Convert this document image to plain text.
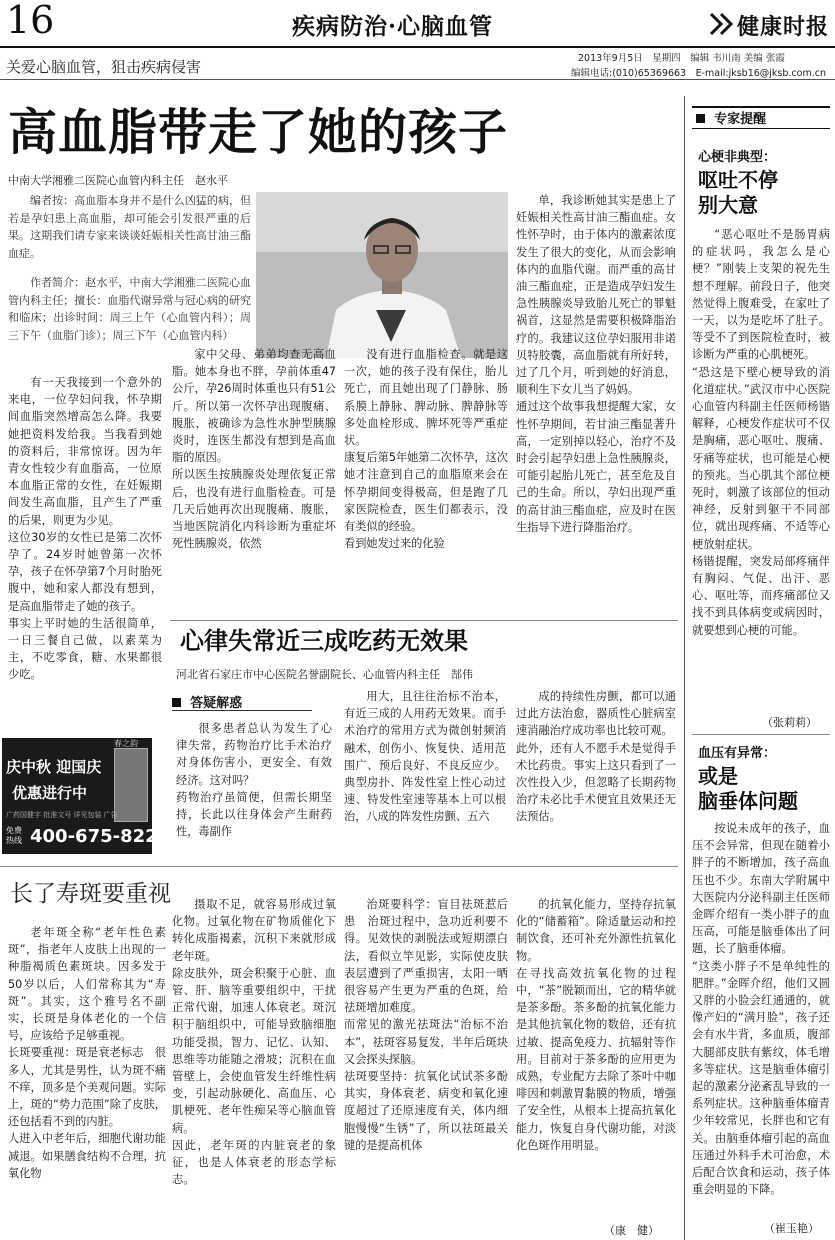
16	疾病防治·心脑血管	健康时报
关爱心脑血管，狙击疾病侵害	2013年9月5日　星期四　编辑 韦川南 美编 张霞
编辑电话:(010)65369663　E-mail:jksb16@jksb.com.cn
高血脂带走了她的孩子
中南大学湘雅二医院心血管内科主任　赵水平

编者按：高血脂本身并不是什么凶猛的病，但若是孕妇患上高血脂，却可能会引发很严重的后果。这期我们请专家来谈谈妊娠相关性高甘油三酯血症。

作者简介：赵水平，中南大学湘雅二医院心血管内科主任；擅长：血脂代谢异常与冠心病的研究和临床；出诊时间：周三上午（心血管内科）；周三下午（血脂门诊）；周三下午（心血管内科）

有一天我接到一个意外的来电，一位孕妇问我，怀孕期间血脂突然增高怎么降。我要她把资料发给我。当我看到她的资料后，非常惊讶。因为年青女性较少有血脂高，一位原本血脂正常的女性，在妊娠期间发生高血脂，且产生了严重的后果，则更为少见。
这位30岁的女性已是第二次怀孕了。24岁时她曾第一次怀孕，孩子在怀孕第7个月时胎死腹中，她和家人都没有想到，是高血脂带走了她的孩子。
事实上平时她的生活很简单，一日三餐自己做，以素菜为主，不吃零食，糖、水果都很少吃。
家中父母、弟弟均查无高血脂。她本身也不胖，孕前体重47公斤，孕26周时体重也只有51公斤。所以第一次怀孕出现腹痛、腹胀，被确诊为急性水肿型胰腺炎时，连医生都没有想到是高血脂的原因。
所以医生按胰腺炎处理依复正常后，也没有进行血脂检查。可是几天后她再次出现腹痛、腹胀，当地医院消化内科诊断为重症坏死性胰腺炎，依然
没有进行血脂检查。就是这一次，她的孩子没有保住，胎儿死亡，而且她出现了门静脉、肠系膜上静脉、脾动脉、脾静脉等多处血栓形成、脾坏死等严重症状。
康复后第5年她第二次怀孕，这次她才注意到自己的血脂原来会在怀孕期间变得极高，但是跑了几家医院检查，医生们都表示，没有类似的经验。
看到她发过来的化验
单，我诊断她其实是患上了妊娠相关性高甘油三酯血症。女性怀孕时，由于体内的激素浓度发生了很大的变化，从而会影响体内的血脂代谢。而严重的高甘油三酯血症，正是造成孕妇发生急性胰腺炎导致胎儿死亡的罪魁祸首，这显然是需要积极降脂治疗的。我建议这位孕妇服用非诺贝特胶囊，高血脂就有所好转，过了几个月，听到她的好消息，顺利生下女儿当了妈妈。
通过这个故事我想提醒大家，女性怀孕期间，若甘油三酯显著升高，一定别掉以轻心，治疗不及时会引起孕妇患上急性胰腺炎，可能引起胎儿死亡，甚至危及自己的生命。所以，孕妇出现严重的高甘油三酯血症，应及时在医生指导下进行降脂治疗。
心律失常近三成吃药无效果
河北省石家庄市中心医院名誉副院长、心血管内科主任　郜伟
答疑解惑
很多患者总认为发生了心律失常，药物治疗比手术治疗对身体伤害小，更安全、有效经济。这对吗？
药物治疗虽简便，但需长期坚持，长此以往身体会产生耐药性，毒副作
用大，且往往治标不治本，有近三成的人用药无效果。而手术治疗的常用方式为微创射频消融术，创伤小、恢复快、适用范围广、预后良好、不良反应少。典型房扑、阵发性室上性心动过速、特发性室速等基本上可以根治，八成的阵发性房颤、五六
成的持续性房颤，都可以通过此方法治愈，器质性心脏病室速消融治疗成功率也比较可观。
此外，还有人不愿手术是觉得手术比药贵。事实上这只看到了一次性投入少，但忽略了长期药物治疗未必比手术便宜且效果还无法预估。
春之韵
庆中秋 迎国庆
优惠进行中
广药国健字 批准文号 详见包装 广告
免费热线 400-675-8228
长了寿斑要重视
老年斑全称“老年性色素斑”，指老年人皮肤上出现的一种脂褐质色素斑块。因多发于50岁以后，人们常称其为“寿斑”。其实，这个雅号名不副实，长斑是身体老化的一个信号，应该给予足够重视。
长斑要重视：斑是衰老标志　很多人，尤其是男性，认为斑不痛不痒，顶多是个美观问题。实际上，斑的“势力范围”除了皮肤，还包括看不到的内脏。
人进入中老年后，细胞代谢功能减退。如果膳食结构不合理，抗氧化物
摄取不足，就容易形成过氧化物。过氧化物在矿物质催化下转化成脂褐素，沉积下来就形成老年斑。
除皮肤外，斑会积聚于心脏、血管、肝、脑等重要组织中，干扰正常代谢，加速人体衰老。斑沉积于脑组织中，可能导致脑细胞功能受损，智力、记忆、认知、思维等功能随之滑坡；沉积在血管壁上，会使血管发生纤维性病变，引起动脉硬化、高血压、心肌梗死、老年性痴呆等心脑血管病。
因此，老年斑的内脏衰老的象征，也是人体衰老的形态学标志。
治斑要科学：盲目祛斑惹后患　治斑过程中，急功近利要不得。见效快的剥脱法或短期漂白法，看似立竿见影，实际使皮肤表层遭到了严重损害，太阳一晒很容易产生更为严重的色斑，给祛斑增加难度。
而常见的激光祛斑法“治标不治本”，祛斑容易复发，半年后斑块又会探头探脑。
祛斑要坚持：抗氧化试试茶多酚　其实，身体衰老、病变和氧化速度超过了还原速度有关，体内细胞慢慢“生锈”了，所以祛斑最关键的是提高机体
的抗氧化能力，坚持存抗氧化的“储蓄箱”。除适量运动和控制饮食，还可补充外源性抗氧化物。
在寻找高效抗氧化物的过程中，“茶”脱颖而出，它的精华就是茶多酚。茶多酚的抗氧化能力是其他抗氧化物的数倍，还有抗过敏、提高免疫力、抗辐射等作用。目前对于茶多酚的应用更为成熟，专业配方去除了茶叶中咖啡因和刺激胃黏膜的物质，增强了安全性，从根本上提高抗氧化能力，恢复自身代谢功能，对淡化色斑作用明显。
（康　健）
专家提醒
心梗非典型：
呕吐不停
别大意
“恶心呕吐不是肠胃病的症状吗，我怎么是心梗？”刚装上支架的祝先生想不理解。前段日子，他突然觉得上腹难受，在家吐了一天，以为是吃坏了肚子。等受不了到医院检查时，被诊断为严重的心肌梗死。
“恐这是下壁心梗导致的消化道症状。”武汉市中心医院心血管内科副主任医师杨锴解释，心梗发作症状可不仅是胸痛，恶心呕吐、腹痛、牙痛等症状，也可能是心梗的预兆。当心肌其个部位梗死时，刺激了该部位的恒动神经，反射到躯干不同部位，就出现疼痛、不适等心梗放射症状。
杨锴提醒，突发局部疼痛伴有胸闷、气促、出汗、恶心、呕吐等，而疼痛部位又找不到具体病变或病因时，就要想到心梗的可能。
（张莉莉）
血压有异常：
或是
脑垂体问题
按说未成年的孩子，血压不会异常，但现在随着小胖子的不断增加，孩子高血压也不少。东南大学附属中大医院内分泌科副主任医师金晖介绍有一类小胖子的血压高，可能是脑垂体出了问题，长了脑垂体瘤。
“这类小胖子不是单纯性的肥胖。”金晖介绍，他们又圆又胖的小脸会红通通的，就像产妇的“满月脸”，孩子还会有水牛背，多血质，腹部大腿部皮肤有紫纹，体毛增多等症状。这是脑垂体瘤引起的激素分泌紊乱导致的一系列症状。这种脑垂体瘤青少年较常见，长胖也和它有关。由脑垂体瘤引起的高血压通过外科手术可治愈，术后配合饮食和运动，孩子体重会明显的下降。
（崔玉艳）
